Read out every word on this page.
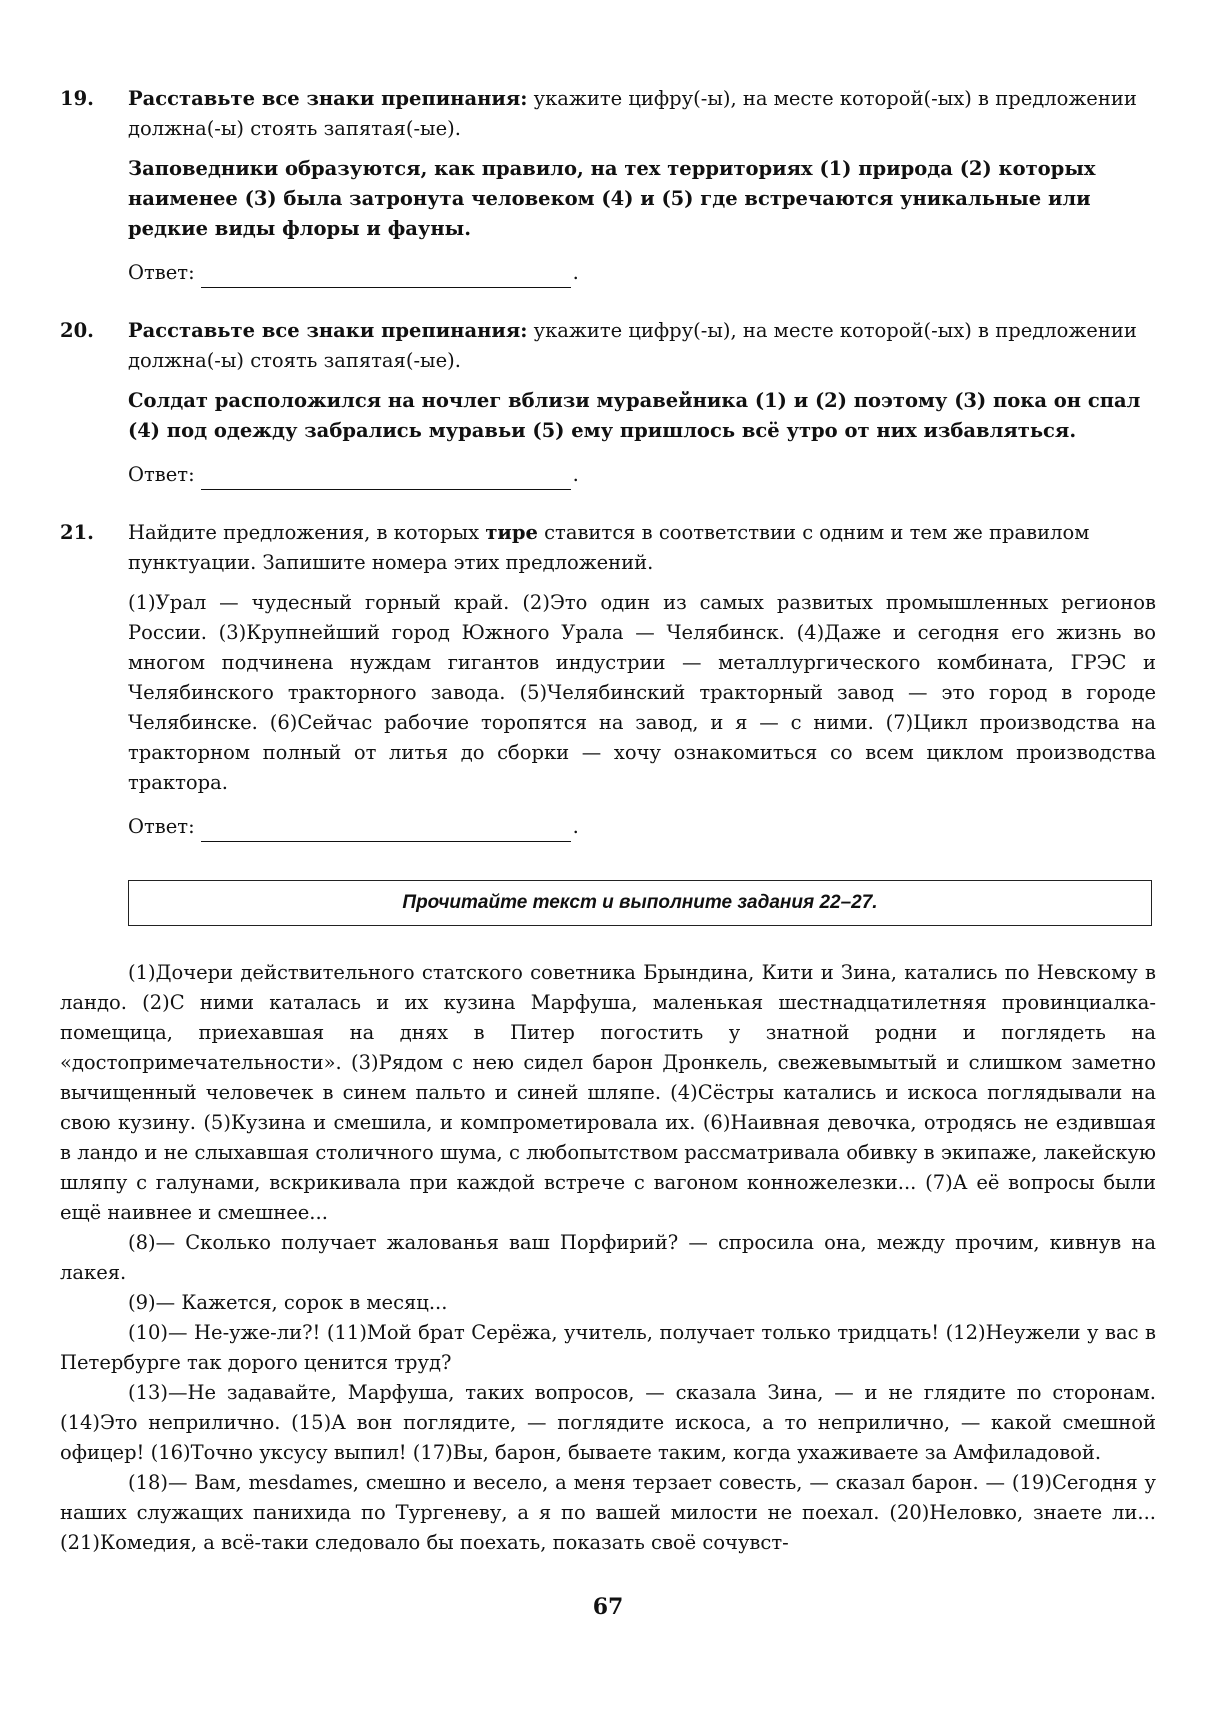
19.	Расставьте все знаки препинания: укажите цифру(-ы), на месте которой(-ых) в предложении должна(-ы) стоять запятая(-ые).
Заповедники образуются, как правило, на тех территориях (1) природа (2) которых наименее (3) была затронута человеком (4) и (5) где встречаются уникальные или редкие виды флоры и фауны.
Ответ:	.
20.	Расставьте все знаки препинания: укажите цифру(-ы), на месте которой(-ых) в предложении должна(-ы) стоять запятая(-ые).
Солдат расположился на ночлег вблизи муравейника (1) и (2) поэтому (3) пока он спал (4) под одежду забрались муравьи (5) ему пришлось всё утро от них избавляться.
Ответ:	.
21.	Найдите предложения, в которых тире ставится в соответствии с одним и тем же правилом пунктуации. Запишите номера этих предложений.
(1)Урал — чудесный горный край. (2)Это один из самых развитых промышленных регионов России. (3)Крупнейший город Южного Урала — Челябинск. (4)Даже и сегодня его жизнь во многом подчинена нуждам гигантов индустрии — металлургического комбината, ГРЭС и Челябинского тракторного завода. (5)Челябинский тракторный завод — это город в городе Челябинске. (6)Сейчас рабочие торопятся на завод, и я — с ними. (7)Цикл производства на тракторном полный от литья до сборки — хочу ознакомиться со всем циклом производства трактора.
Ответ:	.
Прочитайте текст и выполните задания 22–27.

(1)Дочери действительного статского советника Брындина, Кити и Зина, катались по Невскому в ландо. (2)С ними каталась и их кузина Марфуша, маленькая шестнадцатилетняя провинциалка-помещица, приехавшая на днях в Питер погостить у знатной родни и поглядеть на «достопримечательности». (3)Рядом с нею сидел барон Дронкель, свежевымытый и слишком заметно вычищенный человечек в синем пальто и синей шляпе. (4)Сёстры катались и искоса поглядывали на свою кузину. (5)Кузина и смешила, и компрометировала их. (6)Наивная девочка, отродясь не ездившая в ландо и не слыхавшая столичного шума, с любопытством рассматривала обивку в экипаже, лакейскую шляпу с галунами, вскрикивала при каждой встрече с вагоном конножелезки... (7)А её вопросы были ещё наивнее и смешнее...

(8)— Сколько получает жалованья ваш Порфирий? — спросила она, между прочим, кивнув на лакея.

(9)— Кажется, сорок в месяц...

(10)— Не-уже-ли?! (11)Мой брат Серёжа, учитель, получает только тридцать! (12)Неужели у вас в Петербурге так дорого ценится труд?

(13)—Не задавайте, Марфуша, таких вопросов, — сказала Зина, — и не глядите по сторонам. (14)Это неприлично. (15)А вон поглядите, — поглядите искоса, а то неприлично, — какой смешной офицер! (16)Точно уксусу выпил! (17)Вы, барон, бываете таким, когда ухаживаете за Амфиладовой.

(18)— Вам, mesdames, смешно и весело, а меня терзает совесть, — сказал барон. — (19)Сегодня у наших служащих панихида по Тургеневу, а я по вашей милости не поехал. (20)Неловко, знаете ли... (21)Комедия, а всё-таки следовало бы поехать, показать своё сочувст-

67
